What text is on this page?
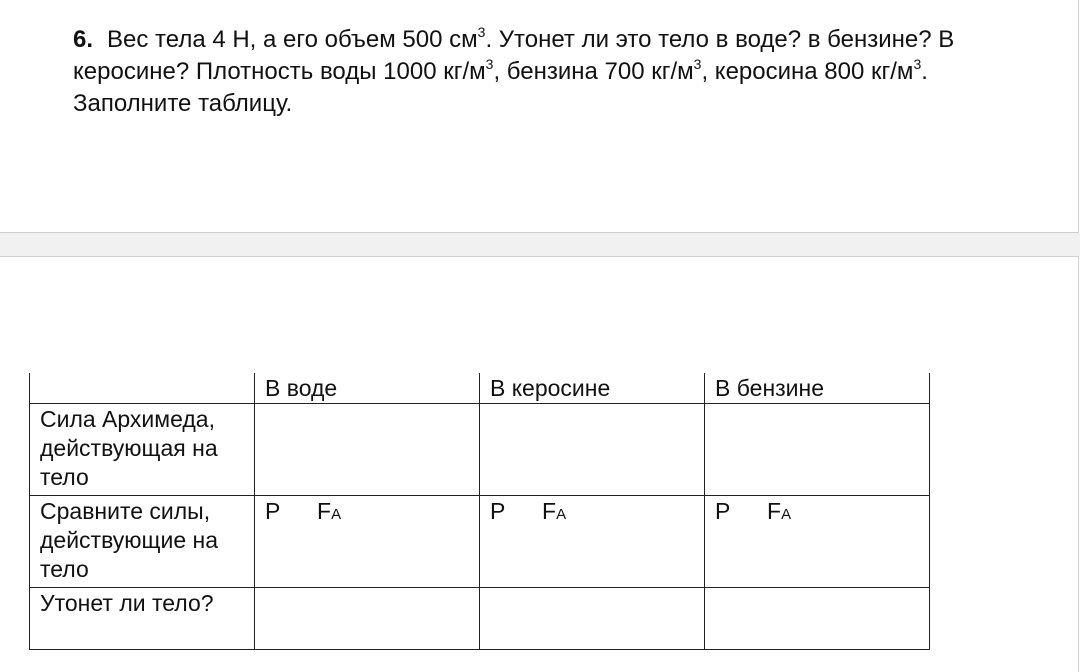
6. Вес тела 4 Н, а его объем 500 $см^3$. Утонет ли это тело в воде? в бензине? В
керосине? Плотность воды 1000 $кг/м^3$, бензина 700 $кг/м^3$, керосина 800 $кг/м^3$.
Заполните таблицу.
	В воде	В керосине	В бензине
Сила Архимеда, действующая на тело			
Сравните силы, действующие на тело	P FA	P FA	P FA

Утонет ли тело?			
